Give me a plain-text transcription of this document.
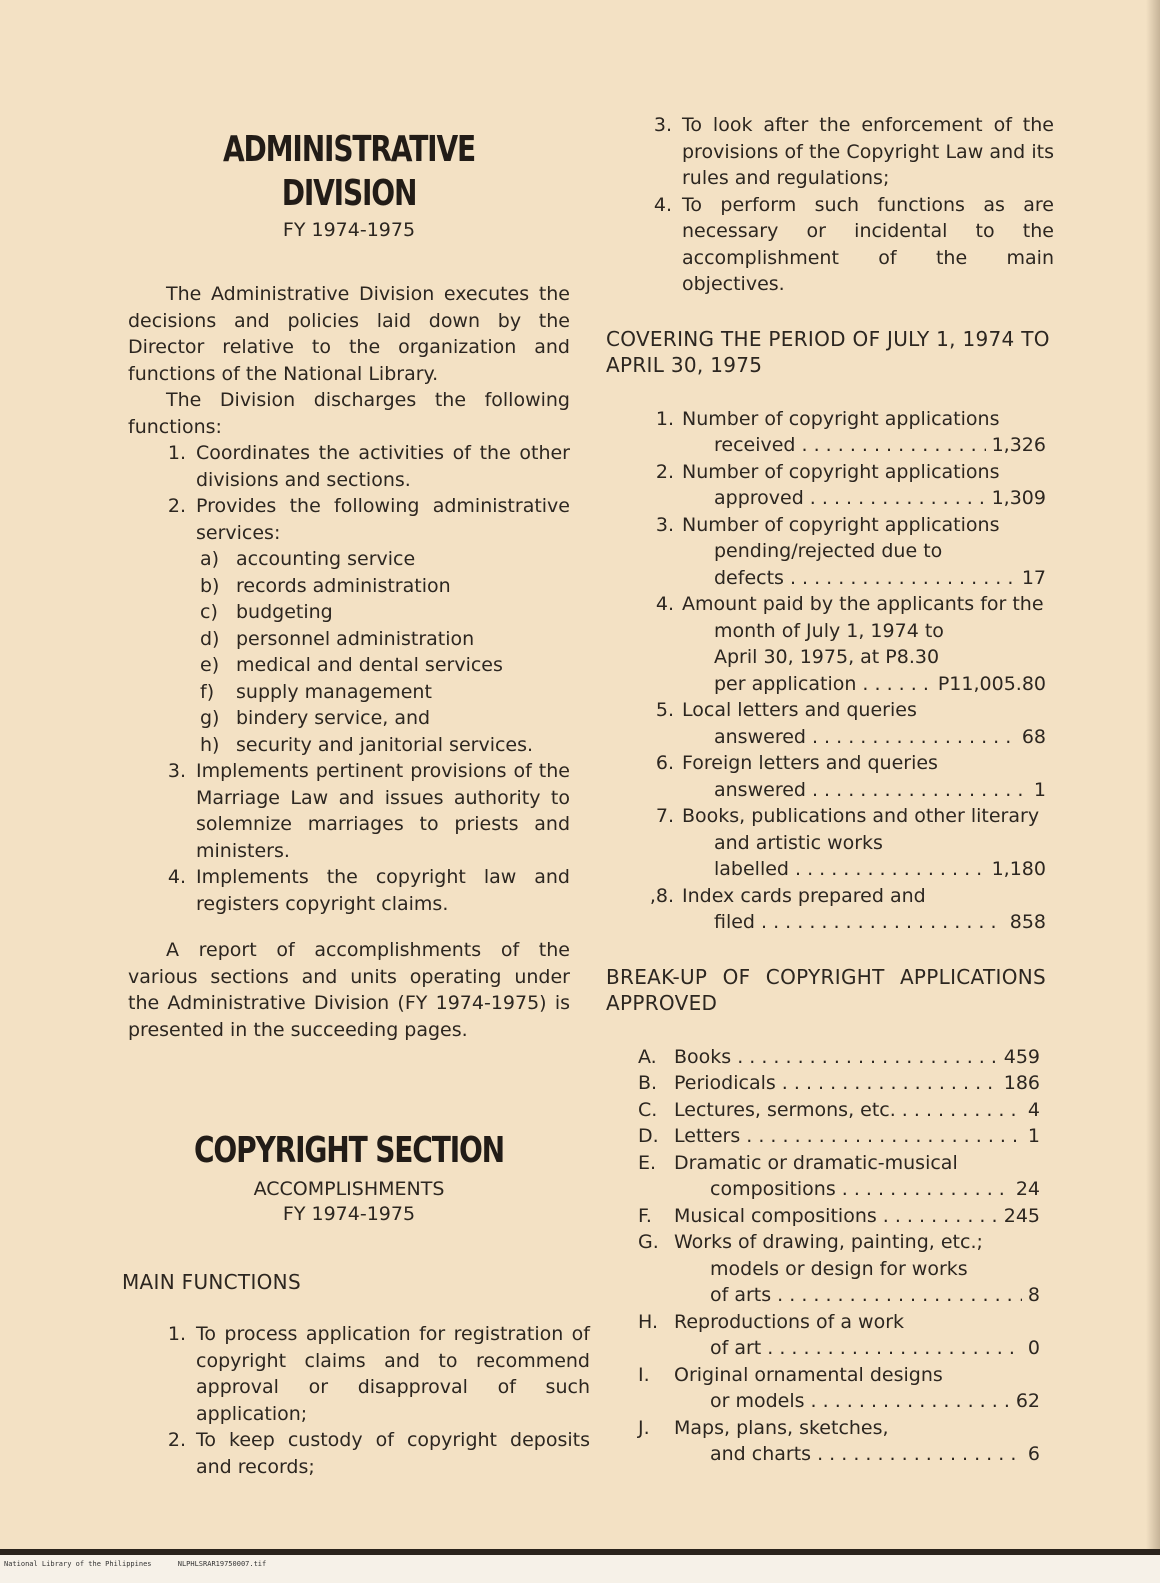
ADMINISTRATIVE DIVISION
FY 1974-1975

The Administrative Division executes the decisions and policies laid down by the Director relative to the organization and functions of the National Library.

The Division discharges the following functions:

1. Coordinates the activities of the other divisions and sections.
2. Provides the following administrative services:
a) accounting service
b) records administration
c) budgeting
d) personnel administration
e) medical and dental services
f)	supply management
g) bindery service, and
h) security and janitorial services.
3. Implements pertinent provisions of the Marriage Law and issues authority to solemnize marriages to priests and ministers.
4. Implements the copyright law and registers copyright claims.

A report of accomplishments of the various sections and units operating under the Administrative Division (FY 1974-1975) is presented in the succeeding pages.

COPYRIGHT SECTION
ACCOMPLISHMENTS
FY 1974-1975
MAIN FUNCTIONS
1. To process application for registration of copyright claims and to recommend approval or disapproval of such application;
2. To keep custody of copyright deposits and records;
3. To look after the enforcement of the provisions of the Copyright Law and its rules and regulations;
4. To perform such functions as are necessary or incidental to the accomplishment of the main objectives.
COVERING THE PERIOD OF JULY 1, 1974 TO APRIL 30, 1975
1. Number of copyright applications
received . . .	1,326
2. Number of copyright applications
approved . . .	1,309
3. Number of copyright applications
pending/rejected due to
defects . . .	17
4. Amount paid by the applicants for the
month of July 1, 1974 to
April 30, 1975, at P8.30
per application . . .	P11,005.80
5. Local letters and queries
answered . . .	68
6. Foreign letters and queries
answered . . .	1
7. Books, publications and other literary
and artistic works
labelled . . .	1,180
,8. Index cards prepared and
filed . . .	858
BREAK-UP OF COPYRIGHT APPLICATIONS APPROVED
A. Books . . .	459
B. Periodicals . . .	186
C. Lectures, sermons, etc. . . .	4
D. Letters . . .	1
E. Dramatic or dramatic-musical
compositions . . .	24
F.	Musical compositions . . .	245
G. Works of drawing, painting, etc.;
models or design for works
of arts . . .	8
H. Reproductions of a work
of art . . .	0
I.	Original ornamental designs
or models . . .	62
J.	Maps, plans, sketches,
and charts . . .	6
National Library of the Philippines	NLPHLSRAR19750007.tif
